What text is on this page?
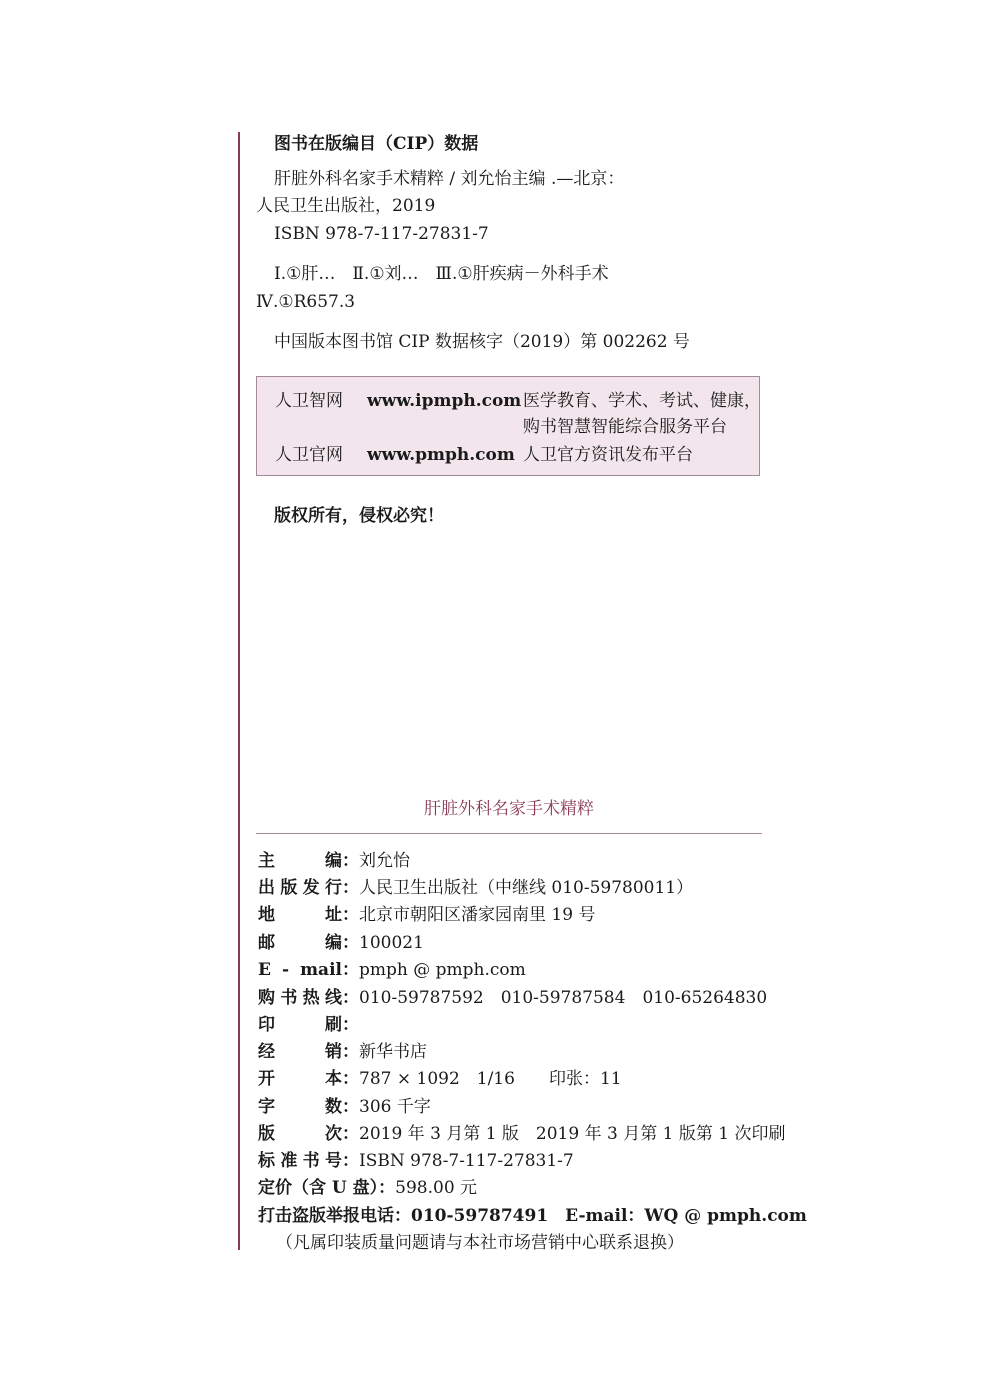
图书在版编目（CIP）数据
肝脏外科名家手术精粹 / 刘允怡主编 .—北京：
人民卫生出版社，2019
ISBN 978-7-117-27831-7
Ⅰ.①肝…　Ⅱ.①刘…　Ⅲ.①肝疾病－外科手术
Ⅳ.①R657.3
中国版本图书馆 CIP 数据核字（2019）第 002262 号
人卫智网 www.ipmph.com 医学教育、学术、考试、健康，
购书智慧智能综合服务平台
人卫官网 www.pmph.com 人卫官方资讯发布平台
版权所有，侵权必究！
肝脏外科名家手术精粹
主编：刘允怡
出版发行：人民卫生出版社（中继线 010-59780011）
地址：北京市朝阳区潘家园南里 19 号
邮编：100021
E - mail：pmph @ pmph.com
购书热线：010-59787592　010-59787584　010-65264830
印刷：
经销：新华书店
开本：787 × 1092　1/16　　印张：11
字数：306 千字
版次：2019 年 3 月第 1 版　2019 年 3 月第 1 版第 1 次印刷
标准书号：ISBN 978-7-117-27831-7
定价（含 U 盘）：598.00 元
打击盗版举报电话：010-59787491　E-mail：WQ @ pmph.com
（凡属印装质量问题请与本社市场营销中心联系退换）
